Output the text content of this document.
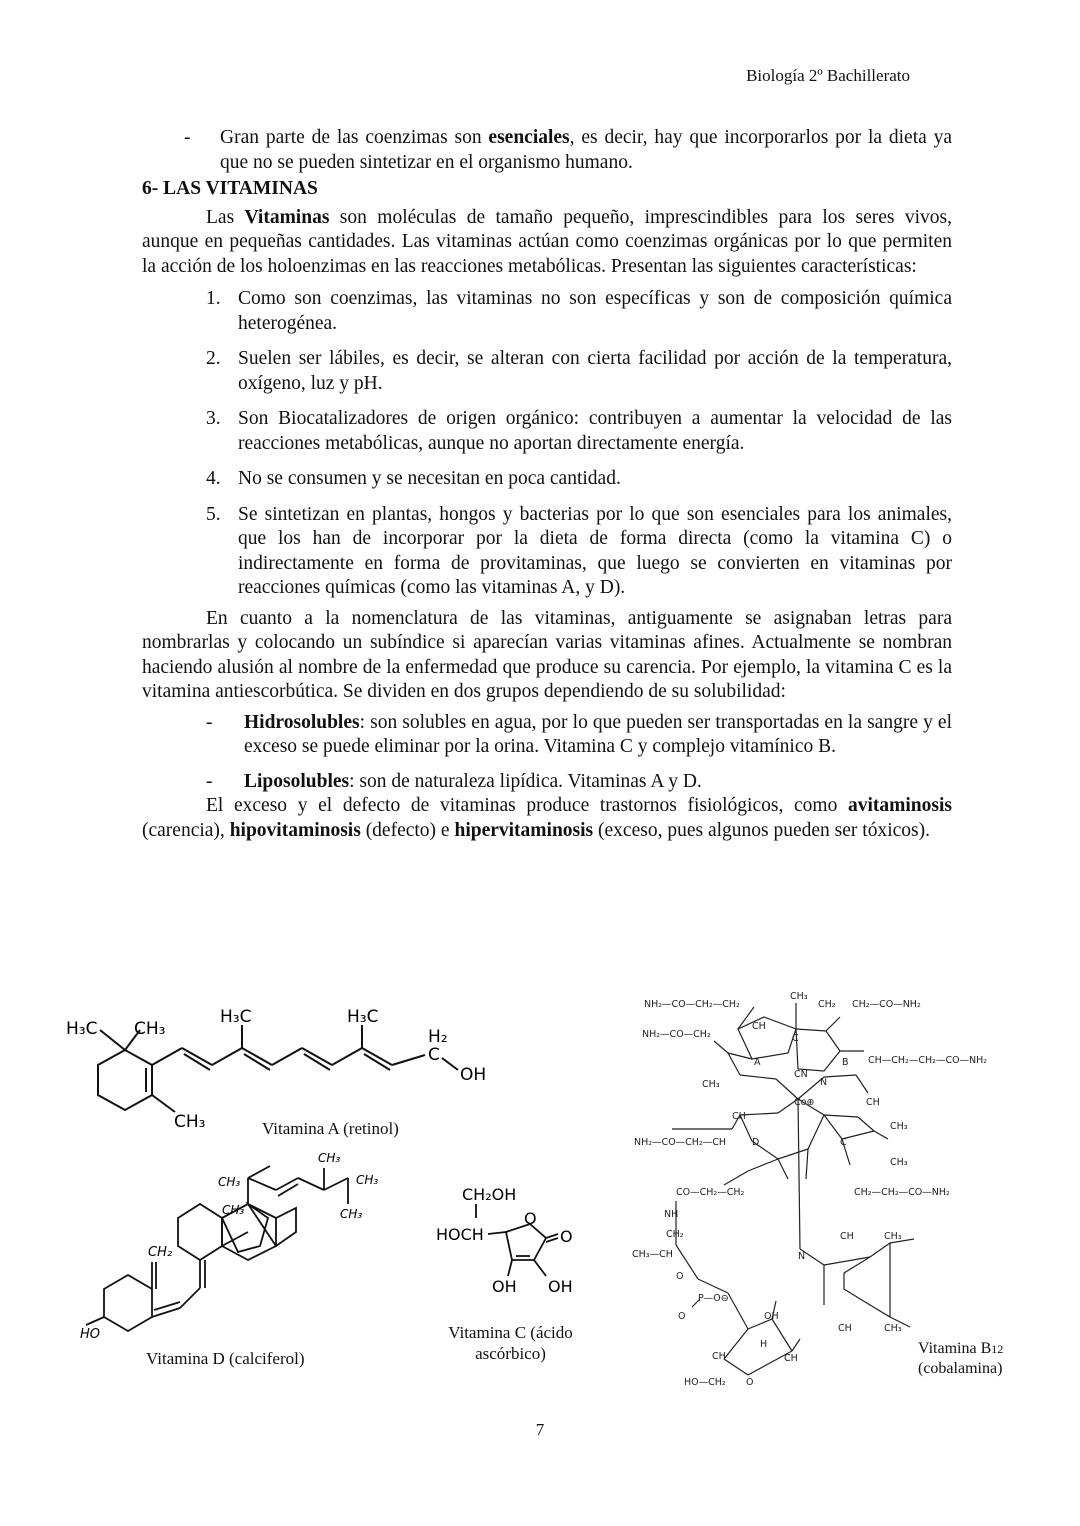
Biología 2º Bachillerato
- Gran parte de las coenzimas son esenciales, es decir, hay que incorporarlos por la dieta ya que no se pueden sintetizar en el organismo humano.
6- LAS VITAMINAS

Las Vitaminas son moléculas de tamaño pequeño, imprescindibles para los seres vivos, aunque en pequeñas cantidades. Las vitaminas actúan como coenzimas orgánicas por lo que permiten la acción de los holoenzimas en las reacciones metabólicas. Presentan las siguientes características:

1. Como son coenzimas, las vitaminas no son específicas y son de composición química heterogénea.
2. Suelen ser lábiles, es decir, se alteran con cierta facilidad por acción de la temperatura, oxígeno, luz y pH.
3. Son Biocatalizadores de origen orgánico: contribuyen a aumentar la velocidad de las reacciones metabólicas, aunque no aportan directamente energía.
4. No se consumen y se necesitan en poca cantidad.
5. Se sintetizan en plantas, hongos y bacterias por lo que son esenciales para los animales, que los han de incorporar por la dieta de forma directa (como la vitamina C) o indirectamente en forma de provitaminas, que luego se convierten en vitaminas por reacciones químicas (como las vitaminas A, y D).

En cuanto a la nomenclatura de las vitaminas, antiguamente se asignaban letras para nombrarlas y colocando un subíndice si aparecían varias vitaminas afines. Actualmente se nombran haciendo alusión al nombre de la enfermedad que produce su carencia. Por ejemplo, la vitamina C es la vitamina antiescorbútica. Se dividen en dos grupos dependiendo de su solubilidad:

- Hidrosolubles: son solubles en agua, por lo que pueden ser transportadas en la sangre y el exceso se puede eliminar por la orina. Vitamina C y complejo vitamínico B.
- Liposolubles: son de naturaleza lipídica. Vitaminas A y D.

El exceso y el defecto de vitaminas produce trastornos fisiológicos, como avitaminosis (carencia), hipovitaminosis (defecto) e hipervitaminosis (exceso, pues algunos pueden ser tóxicos).

H₃C CH₃
H₃C	H₃C
H₂
C
OH
CH₃	Vitamina A (retinol)
HO
CH₂
CH₃
CH₃
CH₃
CH₃
CH₃
Vitamina D (calciferol)
CH₂OH
HOCH
O
O
OH OH
Vitamina C (ácido ascórbico)
NH₂—CO—CH₂—CH₂
CH₃
CH₂ CH₂—CO—NH₂
NH₂—CO—CH₂
CH
C
A	B CH—CH₂—CH₂—CO—NH₂
CH₃
CN
N
Co⊕	CH
CH₃
CH
D	C
NH₂—CO—CH₂—CH
CH₃
CO—CH₂—CH₂	CH₂—CH₂—CO—NH₂
NH
CH₂
CH₃—CH
O
P—O⊖
O	OH
CH
H
CH
HO—CH₂ O
N
CH	CH₃
CH₃
CH
Vitamina B12
(cobalamina)
7
